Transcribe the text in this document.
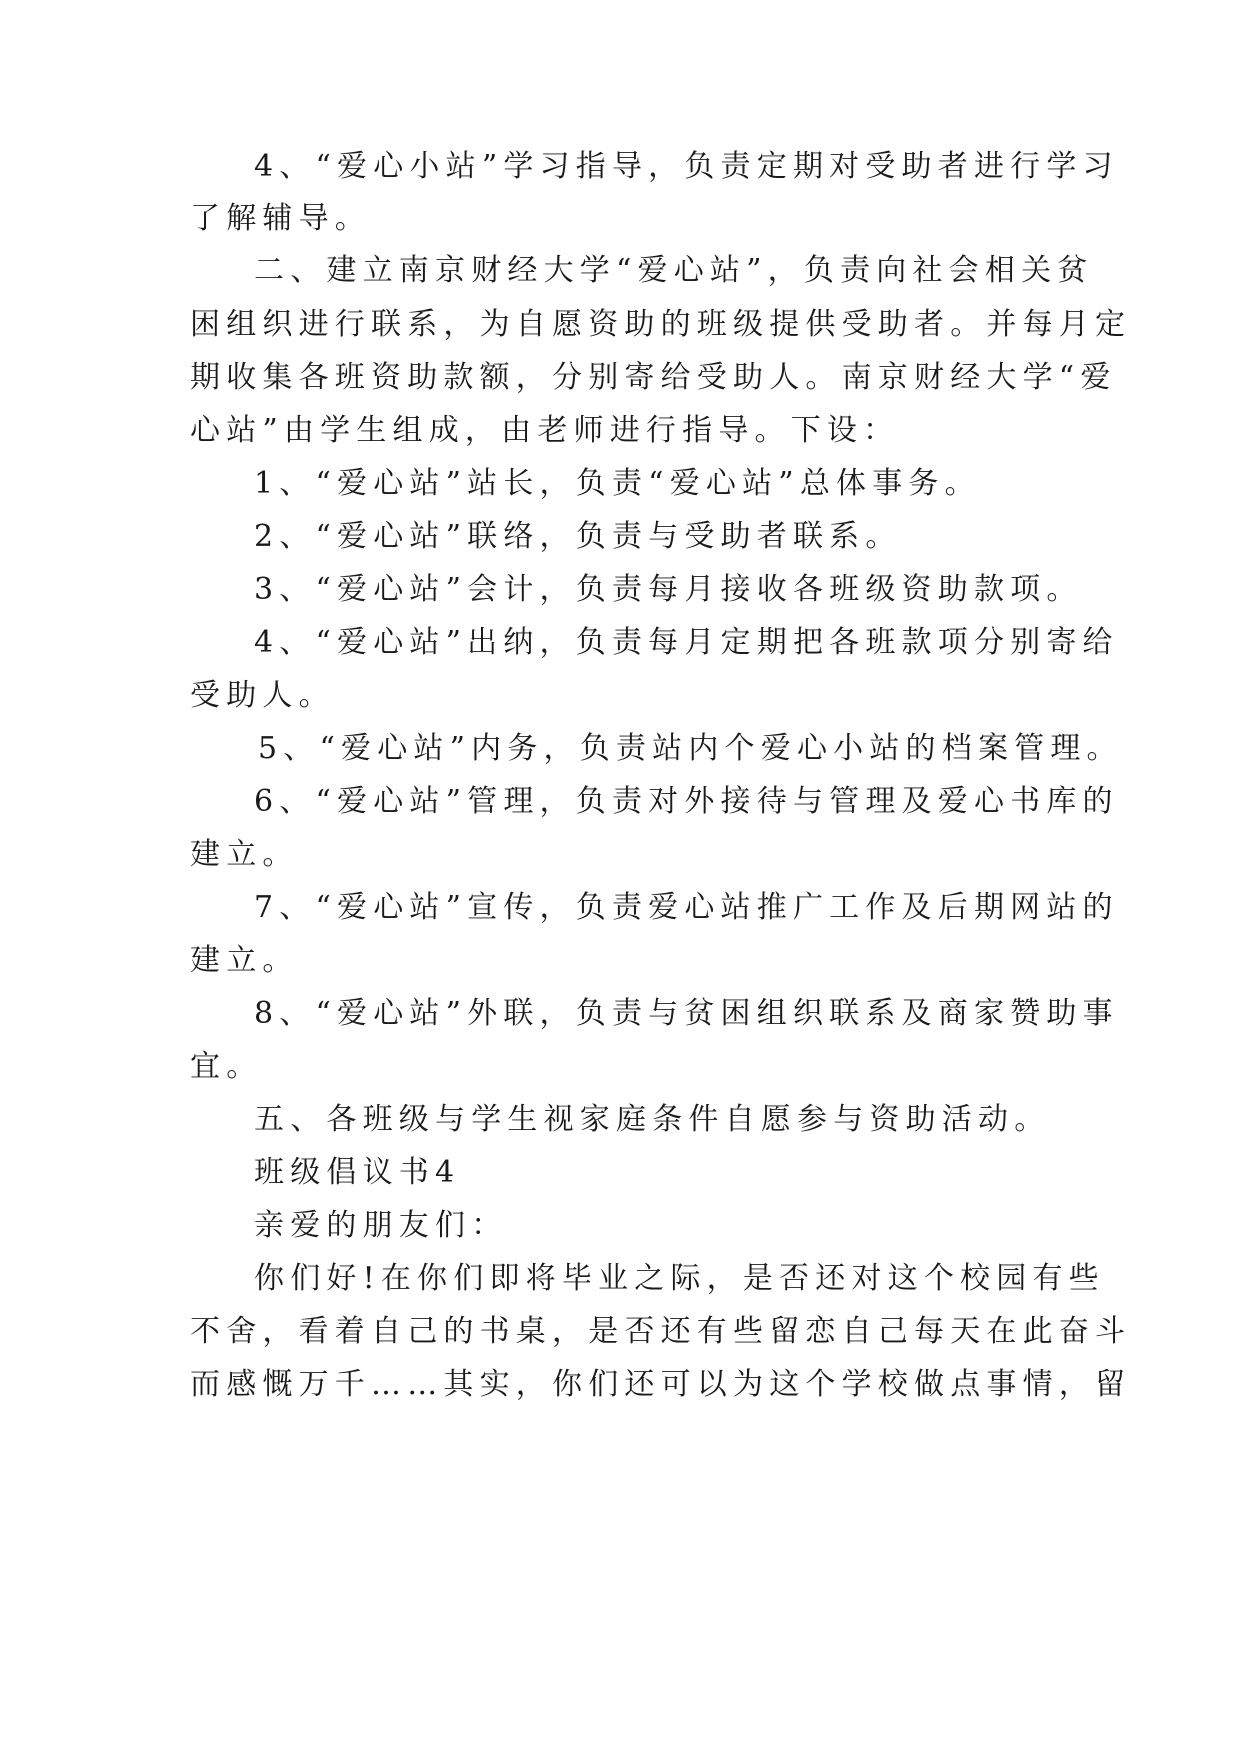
4、“爱心小站”学习指导，负责定期对受助者进行学习
了解辅导。
二、建立南京财经大学“爱心站”，负责向社会相关贫
困组织进行联系，为自愿资助的班级提供受助者。并每月定
期收集各班资助款额，分别寄给受助人。南京财经大学“爱
心站”由学生组成，由老师进行指导。下设：
1、“爱心站”站长，负责“爱心站”总体事务。
2、“爱心站”联络，负责与受助者联系。
3、“爱心站”会计，负责每月接收各班级资助款项。
4、“爱心站”出纳，负责每月定期把各班款项分别寄给
受助人。
5、“爱心站”内务，负责站内个爱心小站的档案管理。
6、“爱心站”管理，负责对外接待与管理及爱心书库的
建立。
7、“爱心站”宣传，负责爱心站推广工作及后期网站的
建立。
8、“爱心站”外联，负责与贫困组织联系及商家赞助事
宜。
五、各班级与学生视家庭条件自愿参与资助活动。
班级倡议书4
亲爱的朋友们：
你们好!在你们即将毕业之际，是否还对这个校园有些
不舍，看着自己的书桌，是否还有些留恋自己每天在此奋斗
而感慨万千……其实，你们还可以为这个学校做点事情，留
